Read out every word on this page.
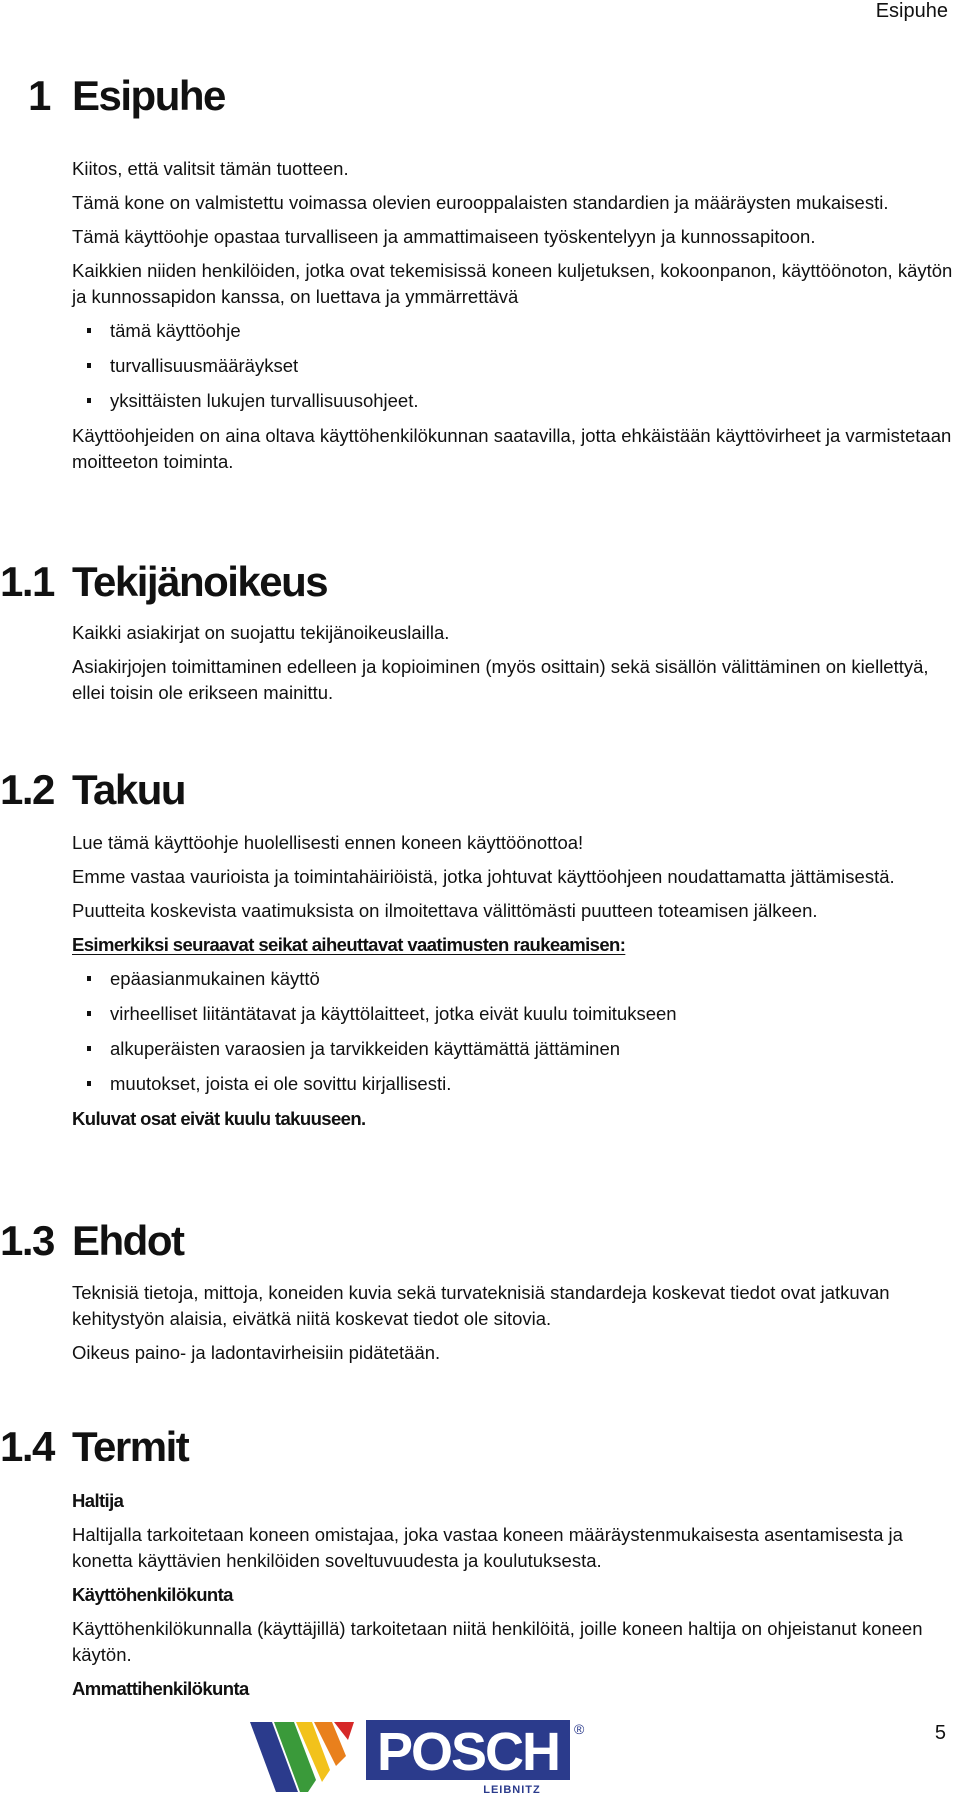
Esipuhe
1 Esipuhe

Kiitos, että valitsit tämän tuotteen.

Tämä kone on valmistettu voimassa olevien eurooppalaisten standardien ja määräysten mukaisesti.

Tämä käyttöohje opastaa turvalliseen ja ammattimaiseen työskentelyyn ja kunnossapitoon.

Kaikkien niiden henkilöiden, jotka ovat tekemisissä koneen kuljetuksen, kokoonpanon, käyttöönoton, käytön ja kunnossapidon kanssa, on luettava ja ymmärrettävä

tämä käyttöohje
turvallisuusmääräykset
yksittäisten lukujen turvallisuusohjeet.

Käyttöohjeiden on aina oltava käyttöhenkilökunnan saatavilla, jotta ehkäistään käyttövirheet ja varmistetaan moitteeton toiminta.

1.1 Tekijänoikeus

Kaikki asiakirjat on suojattu tekijänoikeuslailla.

Asiakirjojen toimittaminen edelleen ja kopioiminen (myös osittain) sekä sisällön välittäminen on kiellettyä, ellei toisin ole erikseen mainittu.

1.2 Takuu

Lue tämä käyttöohje huolellisesti ennen koneen käyttöönottoa!

Emme vastaa vaurioista ja toimintahäiriöistä, jotka johtuvat käyttöohjeen noudattamatta jättämisestä.

Puutteita koskevista vaatimuksista on ilmoitettava välittömästi puutteen toteamisen jälkeen.

Esimerkiksi seuraavat seikat aiheuttavat vaatimusten raukeamisen:

epäasianmukainen käyttö
virheelliset liitäntätavat ja käyttölaitteet, jotka eivät kuulu toimitukseen
alkuperäisten varaosien ja tarvikkeiden käyttämättä jättäminen
muutokset, joista ei ole sovittu kirjallisesti.

Kuluvat osat eivät kuulu takuuseen.

1.3 Ehdot

Teknisiä tietoja, mittoja, koneiden kuvia sekä turvateknisiä standardeja koskevat tiedot ovat jatkuvan kehitystyön alaisia, eivätkä niitä koskevat tiedot ole sitovia.

Oikeus paino- ja ladontavirheisiin pidätetään.

1.4 Termit

Haltija

Haltijalla tarkoitetaan koneen omistajaa, joka vastaa koneen määräystenmukaisesta asentamisesta ja konetta käyttävien henkilöiden soveltuvuudesta ja koulutuksesta.

Käyttöhenkilökunta

Käyttöhenkilökunnalla (käyttäjillä) tarkoitetaan niitä henkilöitä, joille koneen haltija on ohjeistanut koneen käytön.

Ammattihenkilökunta

POSCH
LEIBNITZ
®	5
